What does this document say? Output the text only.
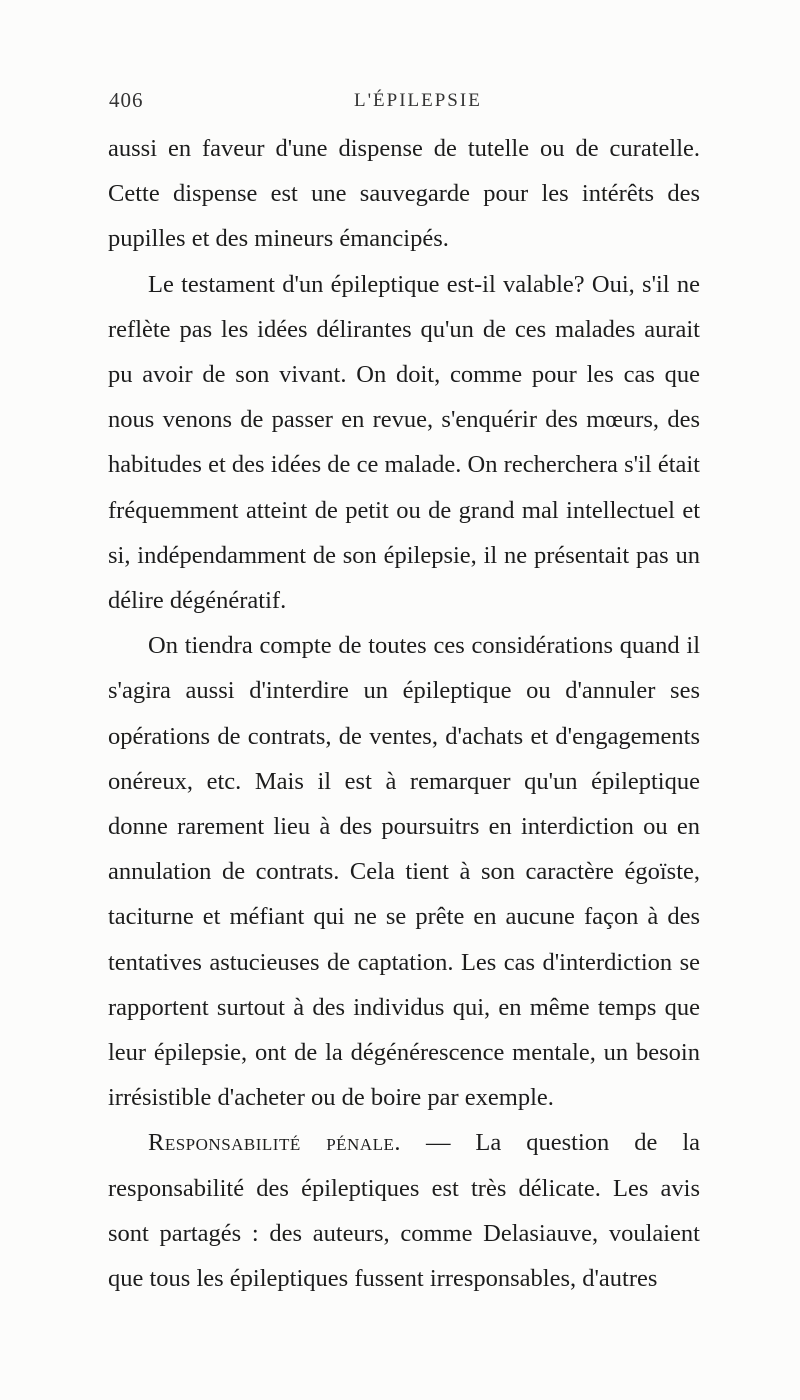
406	L'ÉPILEPSIE

aussi en faveur d'une dispense de tutelle ou de curatelle. Cette dispense est une sauvegarde pour les intérêts des pupilles et des mineurs émancipés.

Le testament d'un épileptique est-il valable? Oui, s'il ne reflète pas les idées délirantes qu'un de ces malades aurait pu avoir de son vivant. On doit, comme pour les cas que nous venons de passer en revue, s'enquérir des mœurs, des habitudes et des idées de ce malade. On recherchera s'il était fréquemment atteint de petit ou de grand mal intellectuel et si, indépendamment de son épilepsie, il ne présentait pas un délire dégénératif.

On tiendra compte de toutes ces considérations quand il s'agira aussi d'interdire un épileptique ou d'annuler ses opérations de contrats, de ventes, d'achats et d'engagements onéreux, etc. Mais il est à remarquer qu'un épileptique donne rarement lieu à des poursuitrs en interdiction ou en annulation de contrats. Cela tient à son caractère égoïste, taciturne et méfiant qui ne se prête en aucune façon à des tentatives astucieuses de captation. Les cas d'interdiction se rapportent surtout à des individus qui, en même temps que leur épilepsie, ont de la dégénérescence mentale, un besoin irrésistible d'acheter ou de boire par exemple.

Responsabilité pénale. — La question de la responsabilité des épileptiques est très délicate. Les avis sont partagés : des auteurs, comme Delasiauve, voulaient que tous les épileptiques fussent irresponsables, d'autres
